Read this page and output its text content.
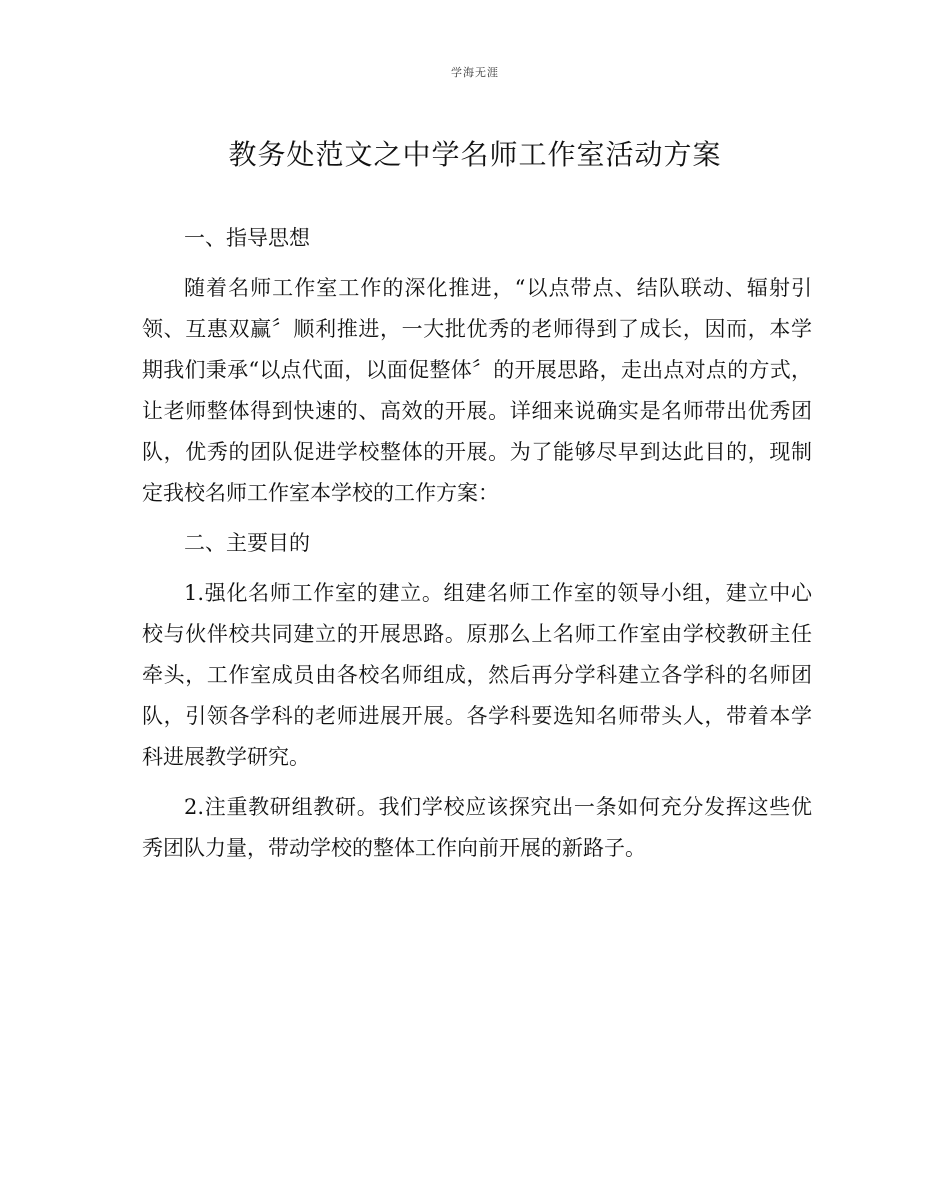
学海无涯
教务处范文之中学名师工作室活动方案

一、指导思想

随着名师工作室工作的深化推进，“以点带点、结队联动、辐射引领、互惠双赢〞顺利推进，一大批优秀的老师得到了成长，因而，本学期我们秉承“以点代面，以面促整体〞的开展思路，走出点对点的方式，让老师整体得到快速的、高效的开展。详细来说确实是名师带出优秀团队，优秀的团队促进学校整体的开展。为了能够尽早到达此目的，现制定我校名师工作室本学校的工作方案：

二、主要目的

1.强化名师工作室的建立。组建名师工作室的领导小组，建立中心校与伙伴校共同建立的开展思路。原那么上名师工作室由学校教研主任牵头，工作室成员由各校名师组成，然后再分学科建立各学科的名师团队，引领各学科的老师进展开展。各学科要选知名师带头人，带着本学科进展教学研究。

2.注重教研组教研。我们学校应该探究出一条如何充分发挥这些优秀团队力量，带动学校的整体工作向前开展的新路子。
